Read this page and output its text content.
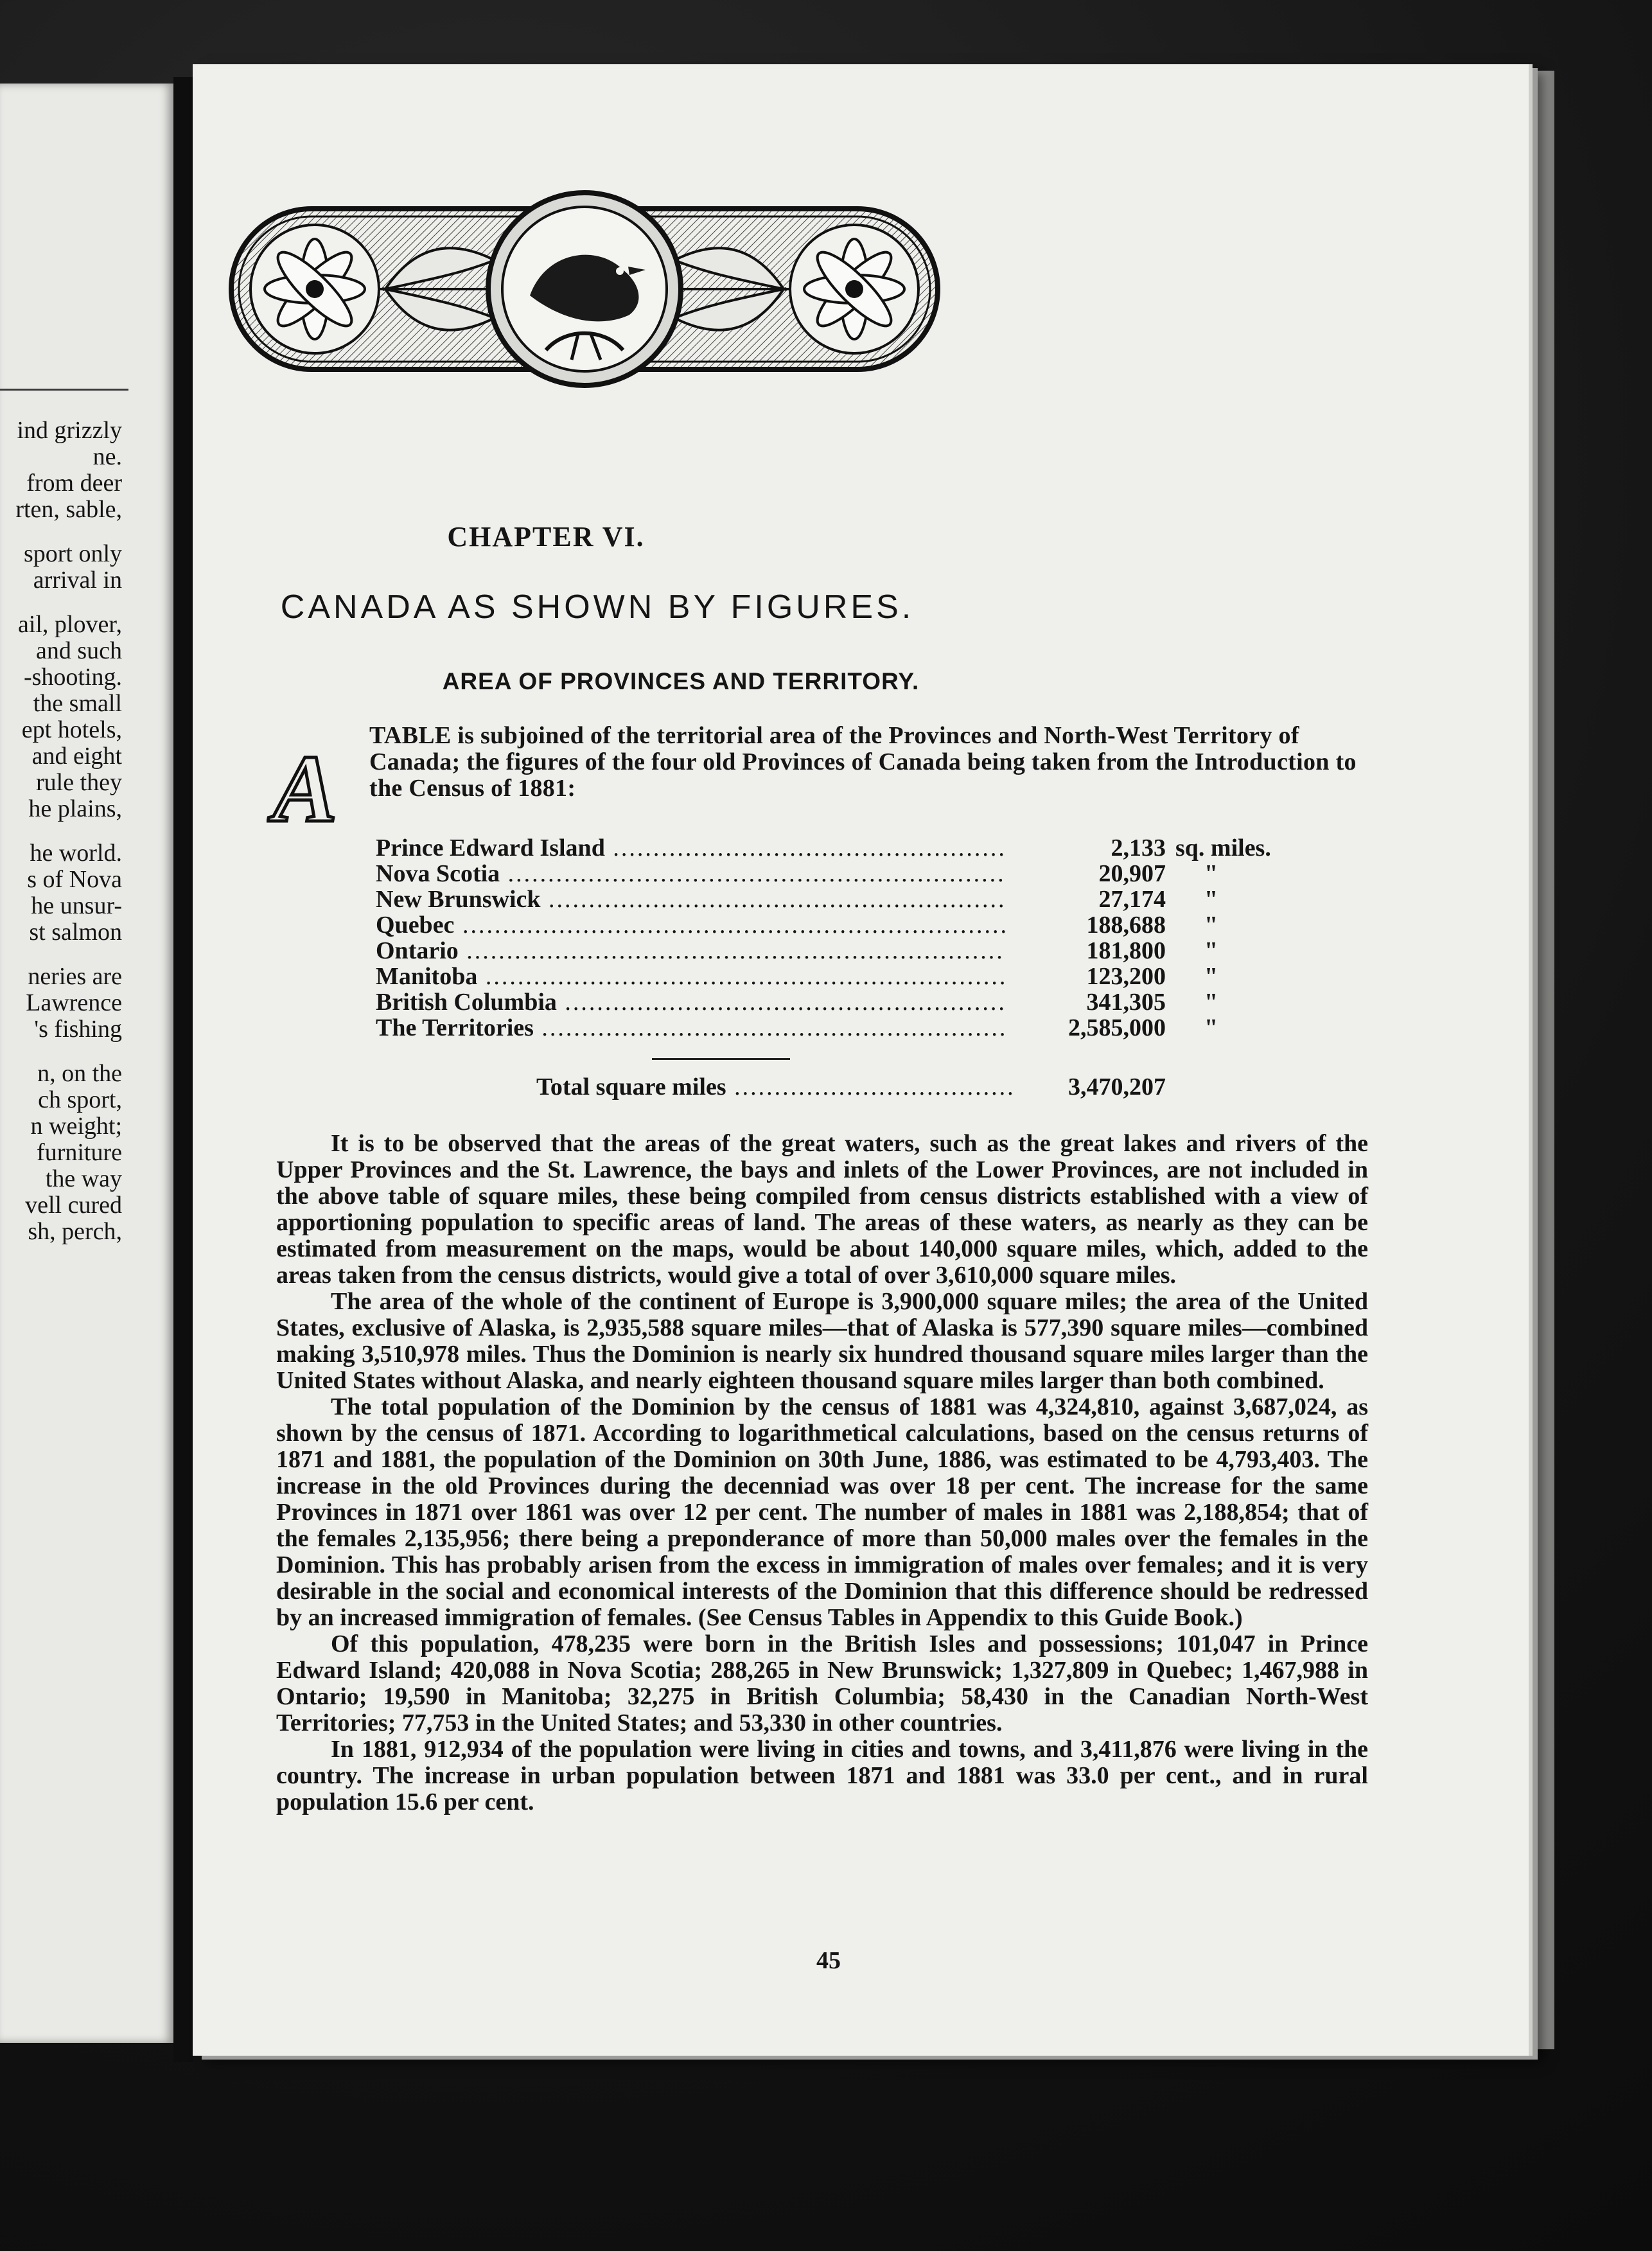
ind grizzly
ne.
from deer
rten, sable,
sport only
arrival in
ail, plover,
and such
-shooting.
the small
ept hotels,
and eight
rule they
he plains,
he world.
s of Nova
he unsur-
st salmon
neries are
Lawrence
's fishing
n, on the
ch sport,
n weight;
furniture
the way
vell cured
sh, perch,
CHAPTER VI.
CANADA AS SHOWN BY FIGURES.
AREA OF PROVINCES AND TERRITORY.
A TABLE is subjoined of the territorial area of the Provinces and North-West Territory of Canada; the figures of the four old Provinces of Canada being taken from the Introduction to the Census of 1881:
Prince Edward Island .....	2,133 sq. miles.
Nova Scotia .....	20,907	"
New Brunswick .....	27,174	"
Quebec .....	188,688	"
Ontario .....	181,800	"
Manitoba .....	123,200	"
British Columbia .....	341,305	"
The Territories .....	2,585,000	"
Total square miles .....	3,470,207

It is to be observed that the areas of the great waters, such as the great lakes and rivers of the Upper Provinces and the St. Lawrence, the bays and inlets of the Lower Provinces, are not included in the above table of square miles, these being compiled from census districts established with a view of apportioning population to specific areas of land. The areas of these waters, as nearly as they can be estimated from measurement on the maps, would be about 140,000 square miles, which, added to the areas taken from the census districts, would give a total of over 3,610,000 square miles.

The area of the whole of the continent of Europe is 3,900,000 square miles; the area of the United States, exclusive of Alaska, is 2,935,588 square miles—that of Alaska is 577,390 square miles—combined making 3,510,978 miles. Thus the Dominion is nearly six hundred thousand square miles larger than the United States without Alaska, and nearly eighteen thousand square miles larger than both combined.

The total population of the Dominion by the census of 1881 was 4,324,810, against 3,687,024, as shown by the census of 1871. According to logarithmetical calculations, based on the census returns of 1871 and 1881, the population of the Dominion on 30th June, 1886, was estimated to be 4,793,403. The increase in the old Provinces during the decenniad was over 18 per cent. The increase for the same Provinces in 1871 over 1861 was over 12 per cent. The number of males in 1881 was 2,188,854; that of the females 2,135,956; there being a preponderance of more than 50,000 males over the females in the Dominion. This has probably arisen from the excess in immigration of males over females; and it is very desirable in the social and economical interests of the Dominion that this difference should be redressed by an increased immigration of females. (See Census Tables in Appendix to this Guide Book.)

Of this population, 478,235 were born in the British Isles and possessions; 101,047 in Prince Edward Island; 420,088 in Nova Scotia; 288,265 in New Brunswick; 1,327,809 in Quebec; 1,467,988 in Ontario; 19,590 in Manitoba; 32,275 in British Columbia; 58,430 in the Canadian North-West Territories; 77,753 in the United States; and 53,330 in other countries.

In 1881, 912,934 of the population were living in cities and towns, and 3,411,876 were living in the country. The increase in urban population between 1871 and 1881 was 33.0 per cent., and in rural population 15.6 per cent.

45
